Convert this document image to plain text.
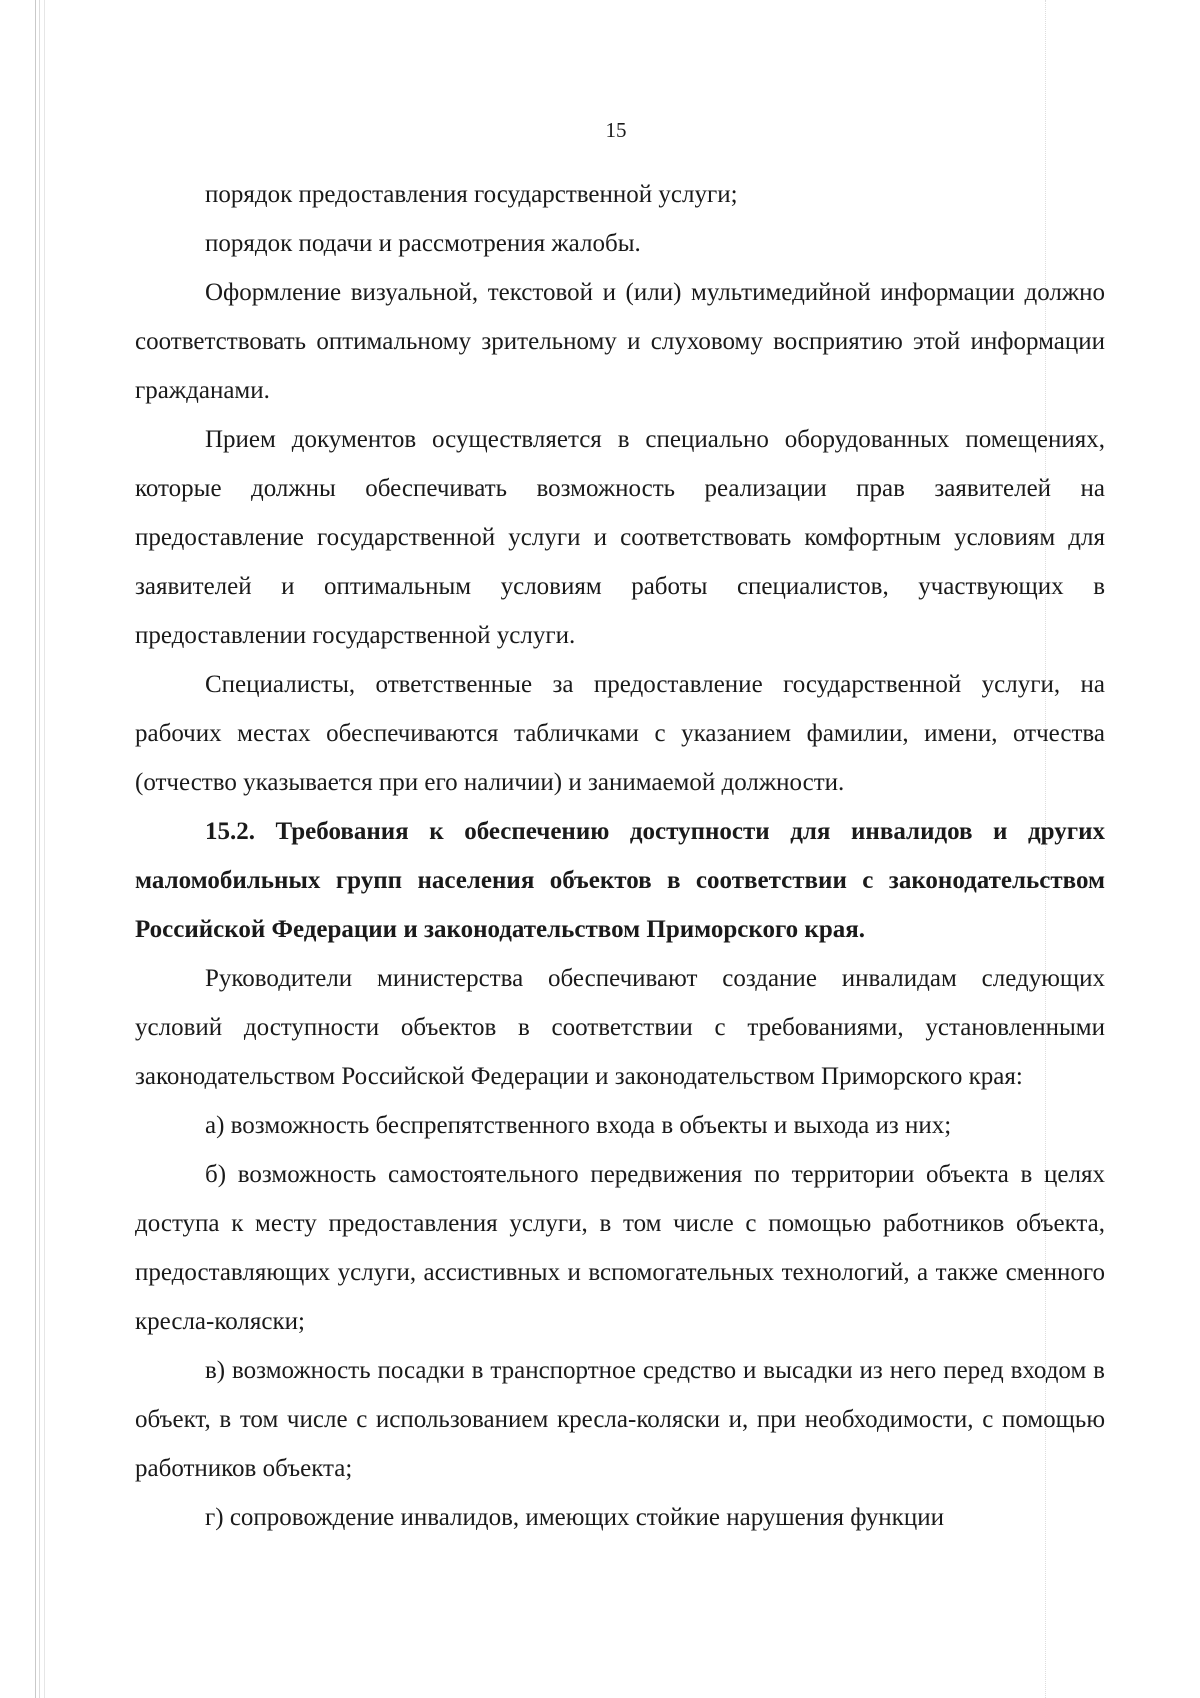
15

порядок предоставления государственной услуги;

порядок подачи и рассмотрения жалобы.

Оформление визуальной, текстовой и (или) мультимедийной информации должно соответствовать оптимальному зрительному и слуховому восприятию этой информации гражданами.

Прием документов осуществляется в специально оборудованных помещениях, которые должны обеспечивать возможность реализации прав заявителей на предоставление государственной услуги и соответствовать комфортным условиям для заявителей и оптимальным условиям работы специалистов, участвующих в предоставлении государственной услуги.

Специалисты, ответственные за предоставление государственной услуги, на рабочих местах обеспечиваются табличками с указанием фамилии, имени, отчества (отчество указывается при его наличии) и занимаемой должности.

15.2. Требования к обеспечению доступности для инвалидов и других маломобильных групп населения объектов в соответствии с законодательством Российской Федерации и законодательством Приморского края.

Руководители министерства обеспечивают создание инвалидам следующих условий доступности объектов в соответствии с требованиями, установленными законодательством Российской Федерации и законодательством Приморского края:

а) возможность беспрепятственного входа в объекты и выхода из них;

б) возможность самостоятельного передвижения по территории объекта в целях доступа к месту предоставления услуги, в том числе с помощью работников объекта, предоставляющих услуги, ассистивных и вспомогательных технологий, а также сменного кресла-коляски;

в) возможность посадки в транспортное средство и высадки из него перед входом в объект, в том числе с использованием кресла-коляски и, при необходимости, с помощью работников объекта;

г) сопровождение инвалидов, имеющих стойкие нарушения функции
